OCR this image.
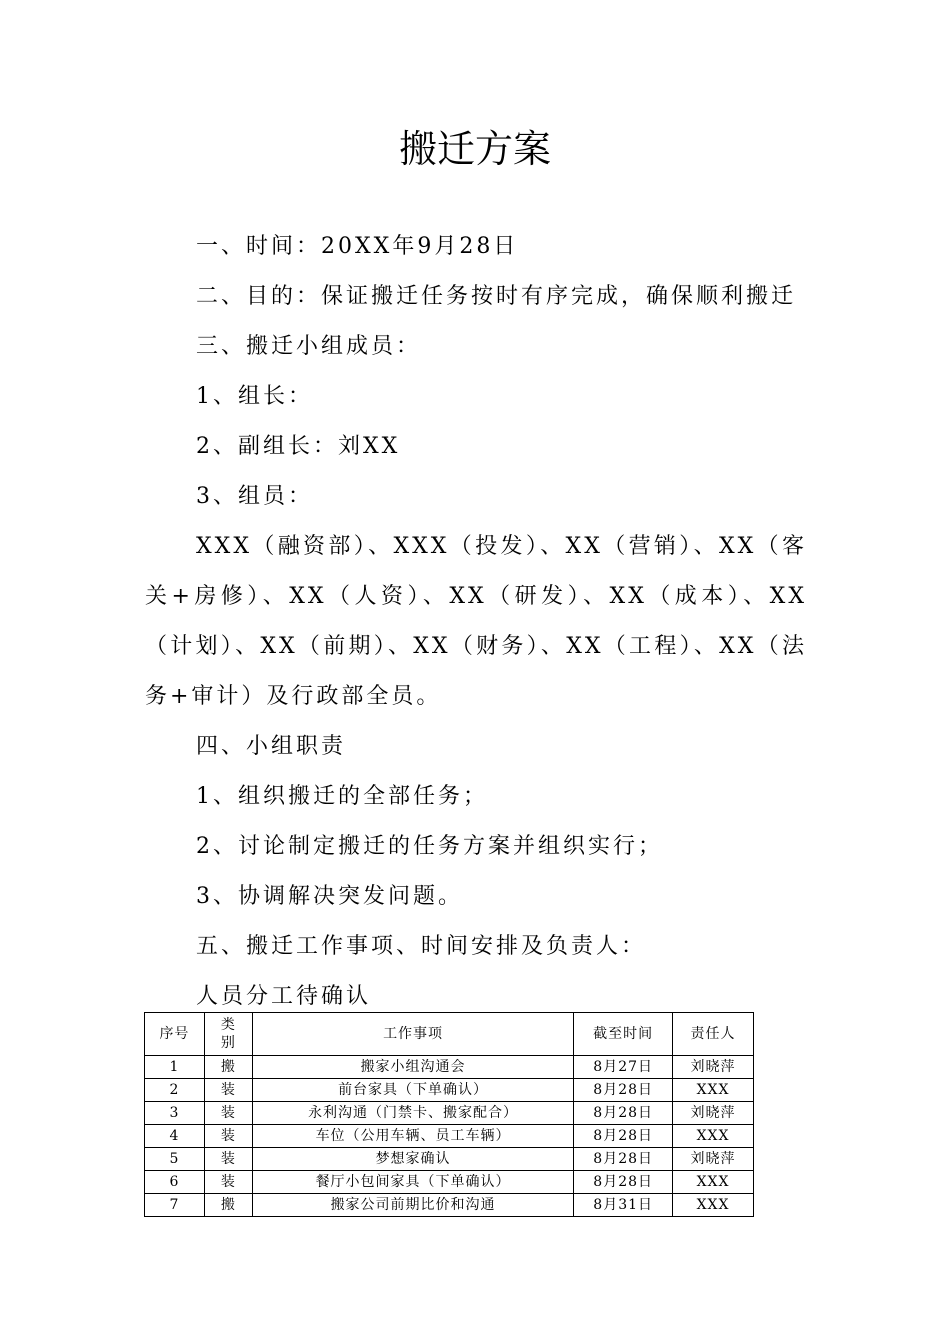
搬迁方案

一、时间：20XX年9月28日

二、目的：保证搬迁任务按时有序完成，确保顺利搬迁

三、搬迁小组成员：

1、组长：

2、副组长：刘XX

3、组员：

XXX（融资部）、XXX（投发）、XX（营销）、XX（客关+房修）、XX（人资）、XX（研发）、XX（成本）、XX（计划）、XX（前期）、XX（财务）、XX（工程）、XX（法务+审计）及行政部全员。

四、小组职责

1、组织搬迁的全部任务；

2、讨论制定搬迁的任务方案并组织实行；

3、协调解决突发问题。

五、搬迁工作事项、时间安排及负责人：

人员分工待确认

序号	类别	工作事项	截至时间	责任人
1	搬	搬家小组沟通会	8月27日	刘晓萍
2	装	前台家具（下单确认）	8月28日	XXX
3	装	永利沟通（门禁卡、搬家配合）	8月28日	刘晓萍
4	装	车位（公用车辆、员工车辆）	8月28日	XXX
5	装	梦想家确认	8月28日	刘晓萍
6	装	餐厅小包间家具（下单确认）	8月28日	XXX
7	搬	搬家公司前期比价和沟通	8月31日	XXX
